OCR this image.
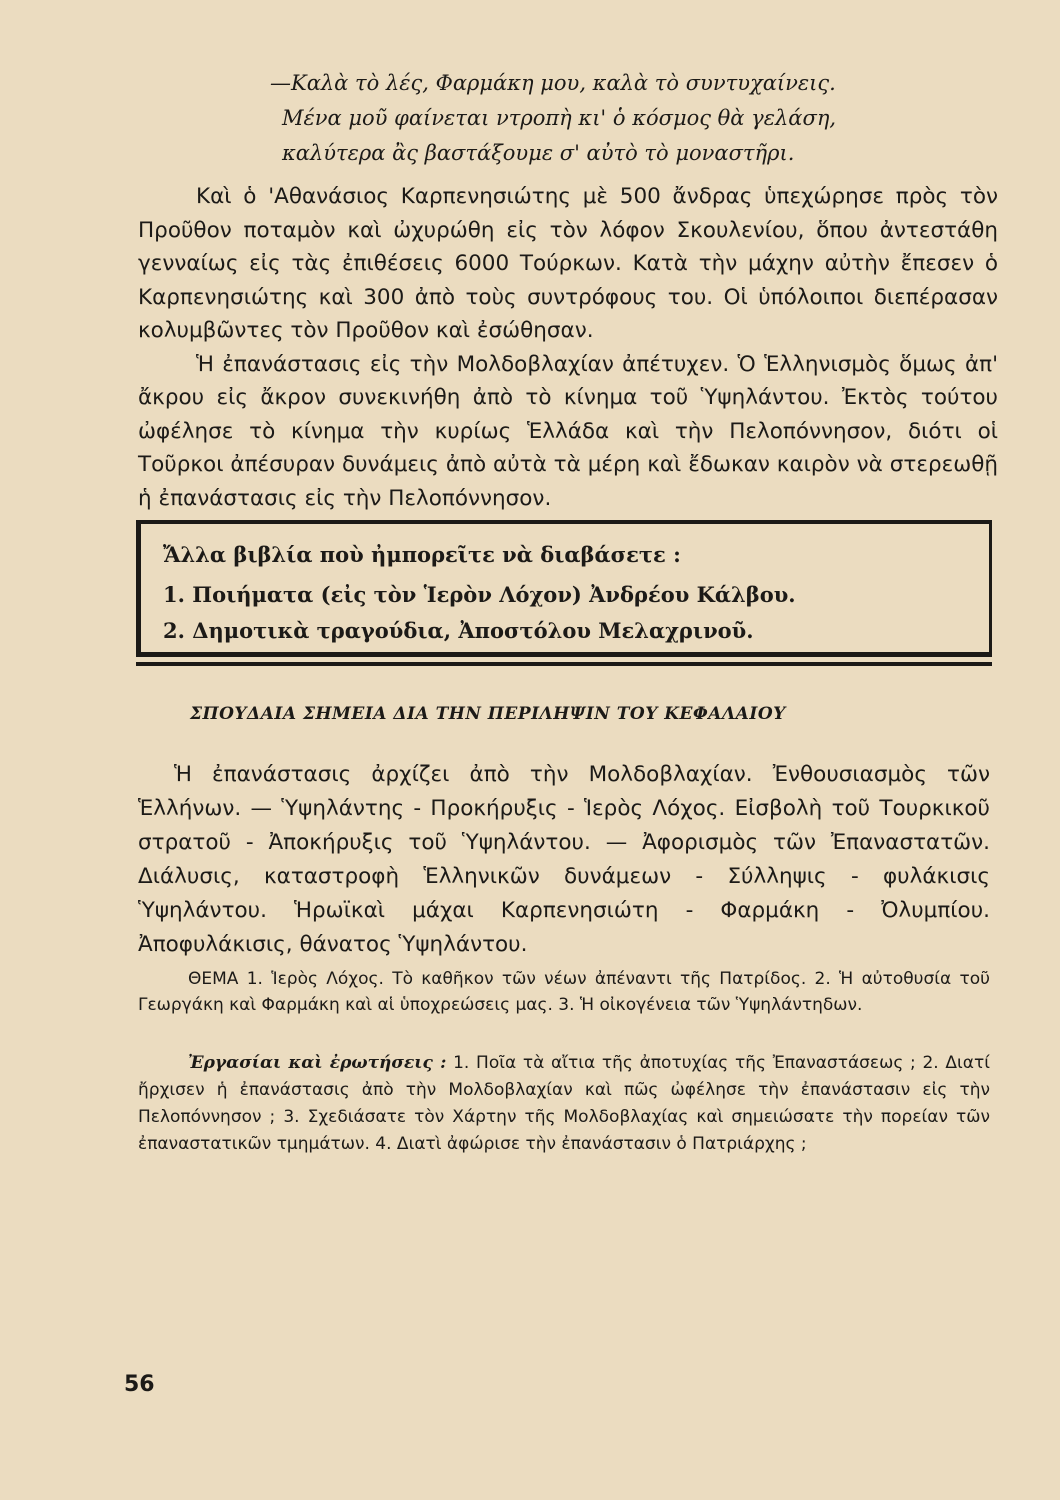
—Καλὰ τὸ λές, Φαρμάκη μου, καλὰ τὸ συντυχαίνεις.
Μένα μοῦ φαίνεται ντροπὴ κι' ὁ κόσμος θὰ γελάση,
καλύτερα ἂς βαστάξουμε σ' αὐτὸ τὸ μοναστῆρι.

Καὶ ὁ 'Αθανάσιος Καρπενησιώτης μὲ 500 ἄνδρας ὑπεχώρησε πρὸς τὸν Προῦθον ποταμὸν καὶ ὠχυρώθη εἰς τὸν λόφον Σκουλενίου, ὅπου ἀντεστάθη γενναίως εἰς τὰς ἐπιθέσεις 6000 Τούρκων. Κατὰ τὴν μάχην αὐτὴν ἔπεσεν ὁ Καρπενησιώτης καὶ 300 ἀπὸ τοὺς συντρόφους του. Οἱ ὑπόλοιποι διεπέρασαν κολυμβῶντες τὸν Προῦθον καὶ ἐσώθησαν.

Ἡ ἐπανάστασις εἰς τὴν Μολδοβλαχίαν ἀπέτυχεν. Ὁ Ἑλληνισμὸς ὅμως ἀπ' ἄκρου εἰς ἄκρον συνεκινήθη ἀπὸ τὸ κίνημα τοῦ Ὑψηλάντου. Ἐκτὸς τούτου ὠφέλησε τὸ κίνημα τὴν κυρίως Ἑλλάδα καὶ τὴν Πελοπόννησον, διότι οἱ Τοῦρκοι ἀπέσυραν δυνάμεις ἀπὸ αὐτὰ τὰ μέρη καὶ ἔδωκαν καιρὸν νὰ στερεωθῇ ἡ ἐπανάστασις εἰς τὴν Πελοπόννησον.

Ἄλλα βιβλία ποὺ ἠμπορεῖτε νὰ διαβάσετε :
1. Ποιήματα (εἰς τὸν Ἱερὸν Λόχον) Ἀνδρέου Κάλβου.
2. Δημοτικὰ τραγούδια, Ἀποστόλου Μελαχρινοῦ.
ΣΠΟΥΔΑΙΑ ΣΗΜΕΙΑ ΔΙΑ ΤΗΝ ΠΕΡΙΛΗΨΙΝ ΤΟΥ ΚΕΦΑΛΑΙΟΥ

Ἡ ἐπανάστασις ἀρχίζει ἀπὸ τὴν Μολδοβλαχίαν. Ἐνθουσιασμὸς τῶν Ἑλλήνων. — Ὑψηλάντης - Προκήρυξις - Ἱερὸς Λόχος. Εἰσβολὴ τοῦ Τουρκικοῦ στρατοῦ - Ἀποκήρυξις τοῦ Ὑψηλάντου. — Ἀφορισμὸς τῶν Ἐπαναστατῶν. Διάλυσις, καταστροφὴ Ἑλληνικῶν δυνάμεων - Σύλληψις - φυλάκισις Ὑψηλάντου. Ἡρωϊκαὶ μάχαι Καρπενησιώτη - Φαρμάκη - Ὀλυμπίου. Ἀποφυλάκισις, θάνατος Ὑψηλάντου.

ΘΕΜΑ 1. Ἱερὸς Λόχος. Τὸ καθῆκον τῶν νέων ἀπέναντι τῆς Πατρίδος. 2. Ἡ αὐτοθυσία τοῦ Γεωργάκη καὶ Φαρμάκη καὶ αἱ ὑποχρεώσεις μας. 3. Ἡ οἰκογένεια τῶν Ὑψηλάντηδων.

Ἐργασίαι καὶ ἐρωτήσεις : 1. Ποῖα τὰ αἴτια τῆς ἀποτυχίας τῆς Ἐπαναστάσεως ; 2. Διατί ἤρχισεν ἡ ἐπανάστασις ἀπὸ τὴν Μολδοβλαχίαν καὶ πῶς ὠφέλησε τὴν ἐπανάστασιν εἰς τὴν Πελοπόννησον ; 3. Σχεδιάσατε τὸν Χάρτην τῆς Μολδοβλαχίας καὶ σημειώσατε τὴν πορείαν τῶν ἐπαναστατικῶν τμημάτων. 4. Διατὶ ἀφώρισε τὴν ἐπανάστασιν ὁ Πατριάρχης ;

56
